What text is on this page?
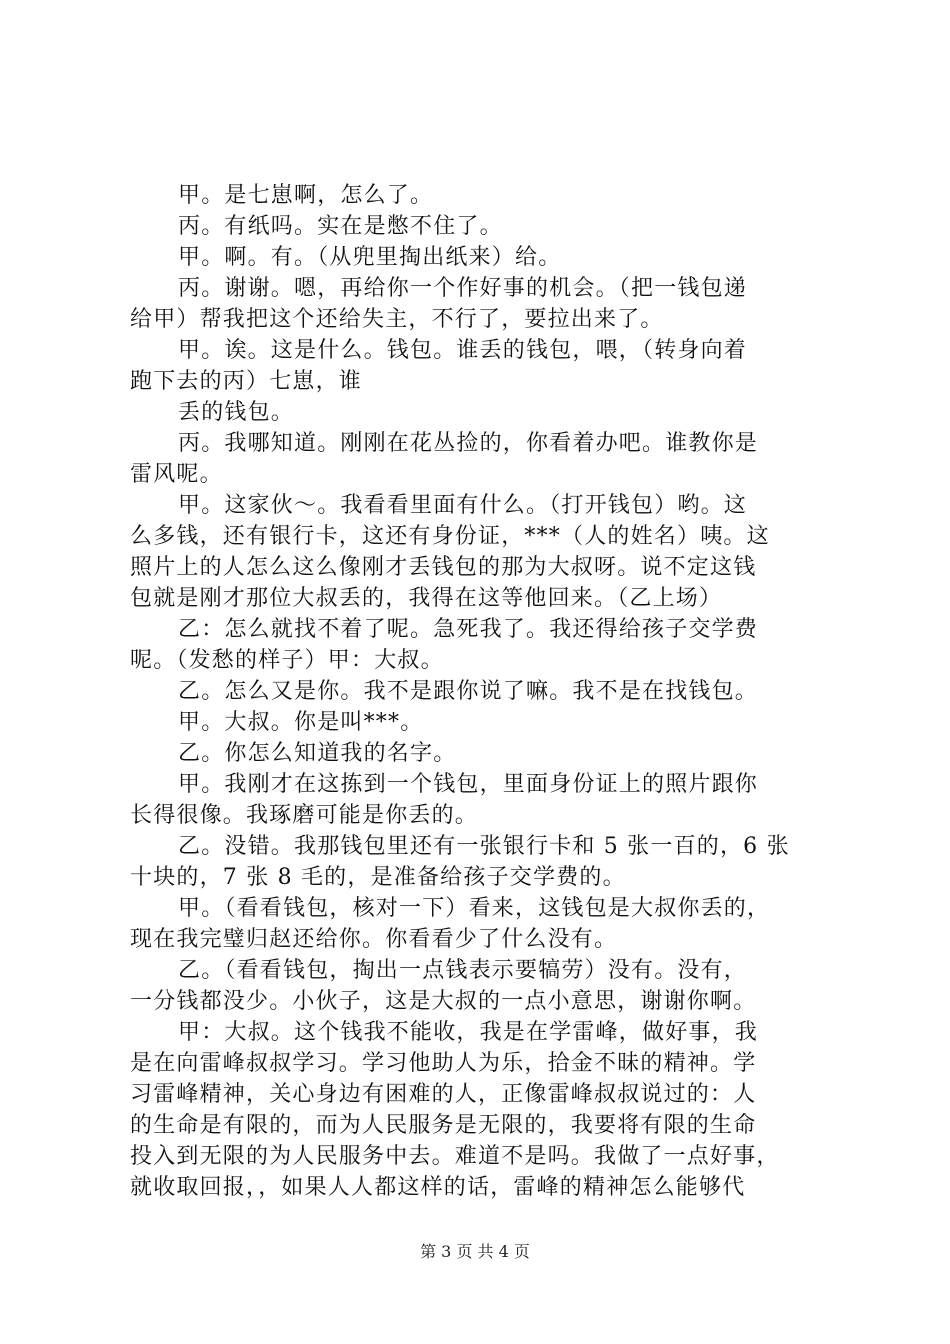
甲。是七崽啊，怎么了。
丙。有纸吗。实在是憋不住了。
甲。啊。有。（从兜里掏出纸来）给。
丙。谢谢。嗯，再给你一个作好事的机会。（把一钱包递
给甲）帮我把这个还给失主，不行了，要拉出来了。
甲。诶。这是什么。钱包。谁丢的钱包，喂，（转身向着
跑下去的丙）七崽，谁
丢的钱包。
丙。我哪知道。刚刚在花丛捡的，你看着办吧。谁教你是
雷风呢。
甲。这家伙～。我看看里面有什么。（打开钱包）哟。这
么多钱，还有银行卡，这还有身份证，***（人的姓名）咦。这
照片上的人怎么这么像刚才丢钱包的那为大叔呀。说不定这钱
包就是刚才那位大叔丢的，我得在这等他回来。（乙上场）
乙：怎么就找不着了呢。急死我了。我还得给孩子交学费
呢。（发愁的样子）甲：大叔。
乙。怎么又是你。我不是跟你说了嘛。我不是在找钱包。
甲。大叔。你是叫***。
乙。你怎么知道我的名字。
甲。我刚才在这拣到一个钱包，里面身份证上的照片跟你
长得很像。我琢磨可能是你丢的。
乙。没错。我那钱包里还有一张银行卡和 5 张一百的，6 张
十块的，7 张 8 毛的，是准备给孩子交学费的。
甲。（看看钱包，核对一下）看来，这钱包是大叔你丢的，
现在我完璧归赵还给你。你看看少了什么没有。
乙。（看看钱包，掏出一点钱表示要犒劳）没有。没有，
一分钱都没少。小伙子，这是大叔的一点小意思，谢谢你啊。
甲：大叔。这个钱我不能收，我是在学雷峰，做好事，我
是在向雷峰叔叔学习。学习他助人为乐，拾金不昧的精神。学
习雷峰精神，关心身边有困难的人，正像雷峰叔叔说过的：人
的生命是有限的，而为人民服务是无限的，我要将有限的生命
投入到无限的为人民服务中去。难道不是吗。我做了一点好事，
就收取回报，，如果人人都这样的话，雷峰的精神怎么能够代
第 3 页 共 4 页
